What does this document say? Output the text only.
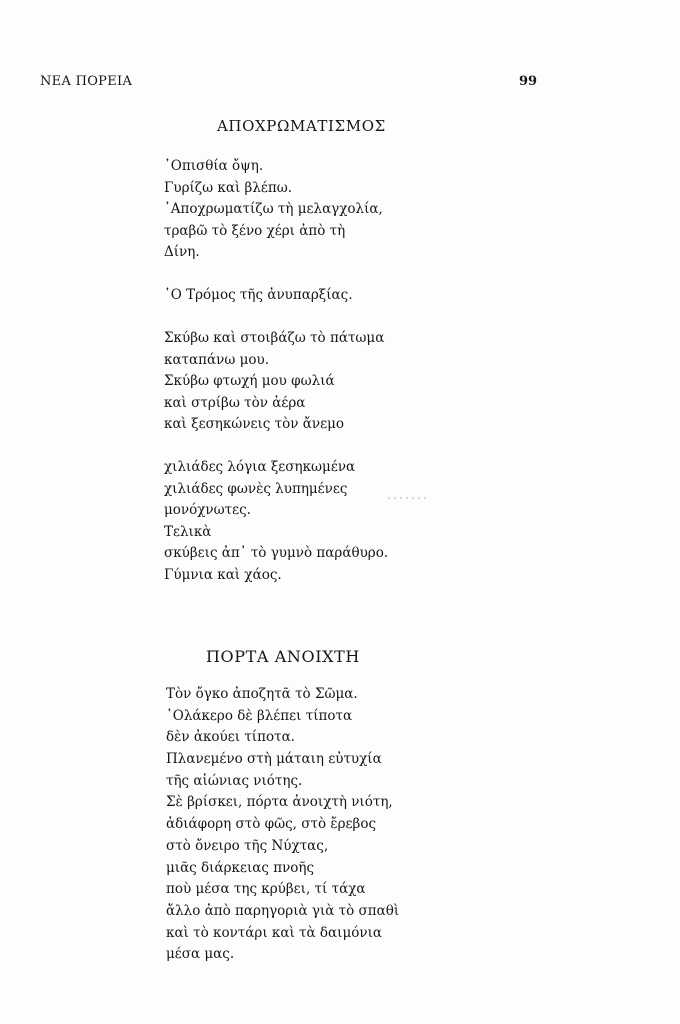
ΝΕΑ ΠΟΡΕΙΑ	99
ΑΠΟΧΡΩΜΑΤΙΣΜΟΣ
᾿Οπισθία ὄψη.
Γυρίζω καὶ βλέπω.
᾿Αποχρωματίζω τὴ μελαγχολία,
τραβῶ τὸ ξένο χέρι ἀπὸ τὴ
Δίνη.
῾Ο Τρόμος τῆς ἀνυπαρξίας.
Σκύβω καὶ στοιβάζω τὸ πάτωμα
καταπάνω μου.
Σκύβω φτωχή μου φωλιά
καὶ στρίβω τὸν ἀέρα
καὶ ξεσηκώνεις τὸν ἄνεμο
χιλιάδες λόγια ξεσηκωμένα
χιλιάδες φωνὲς λυπημένες
μονόχνωτες.
Τελικὰ
σκύβεις ἀπ᾿ τὸ γυμνὸ παράθυρο.
Γύμνια καὶ χάος.
ΠΟΡΤΑ ΑΝΟΙΧΤΗ
Τὸν ὄγκο ἀποζητᾶ τὸ Σῶμα.
῾Ολάκερο δὲ βλέπει τίποτα
δὲν ἀκούει τίποτα.
Πλανεμένο στὴ μάταιη εὐτυχία
τῆς αἰώνιας νιότης.
Σὲ βρίσκει, πόρτα ἀνοιχτὴ νιότη,
ἀδιάφορη στὸ φῶς, στὸ ἔρεβος
στὸ ὄνειρο τῆς Νύχτας,
μιᾶς διάρκειας πνοῆς
ποὺ μέσα της κρύβει, τί τάχα
ἄλλο ἀπὸ παρηγοριὰ γιὰ τὸ σπαθὶ
καὶ τὸ κοντάρι καὶ τὰ δαιμόνια
μέσα μας.
